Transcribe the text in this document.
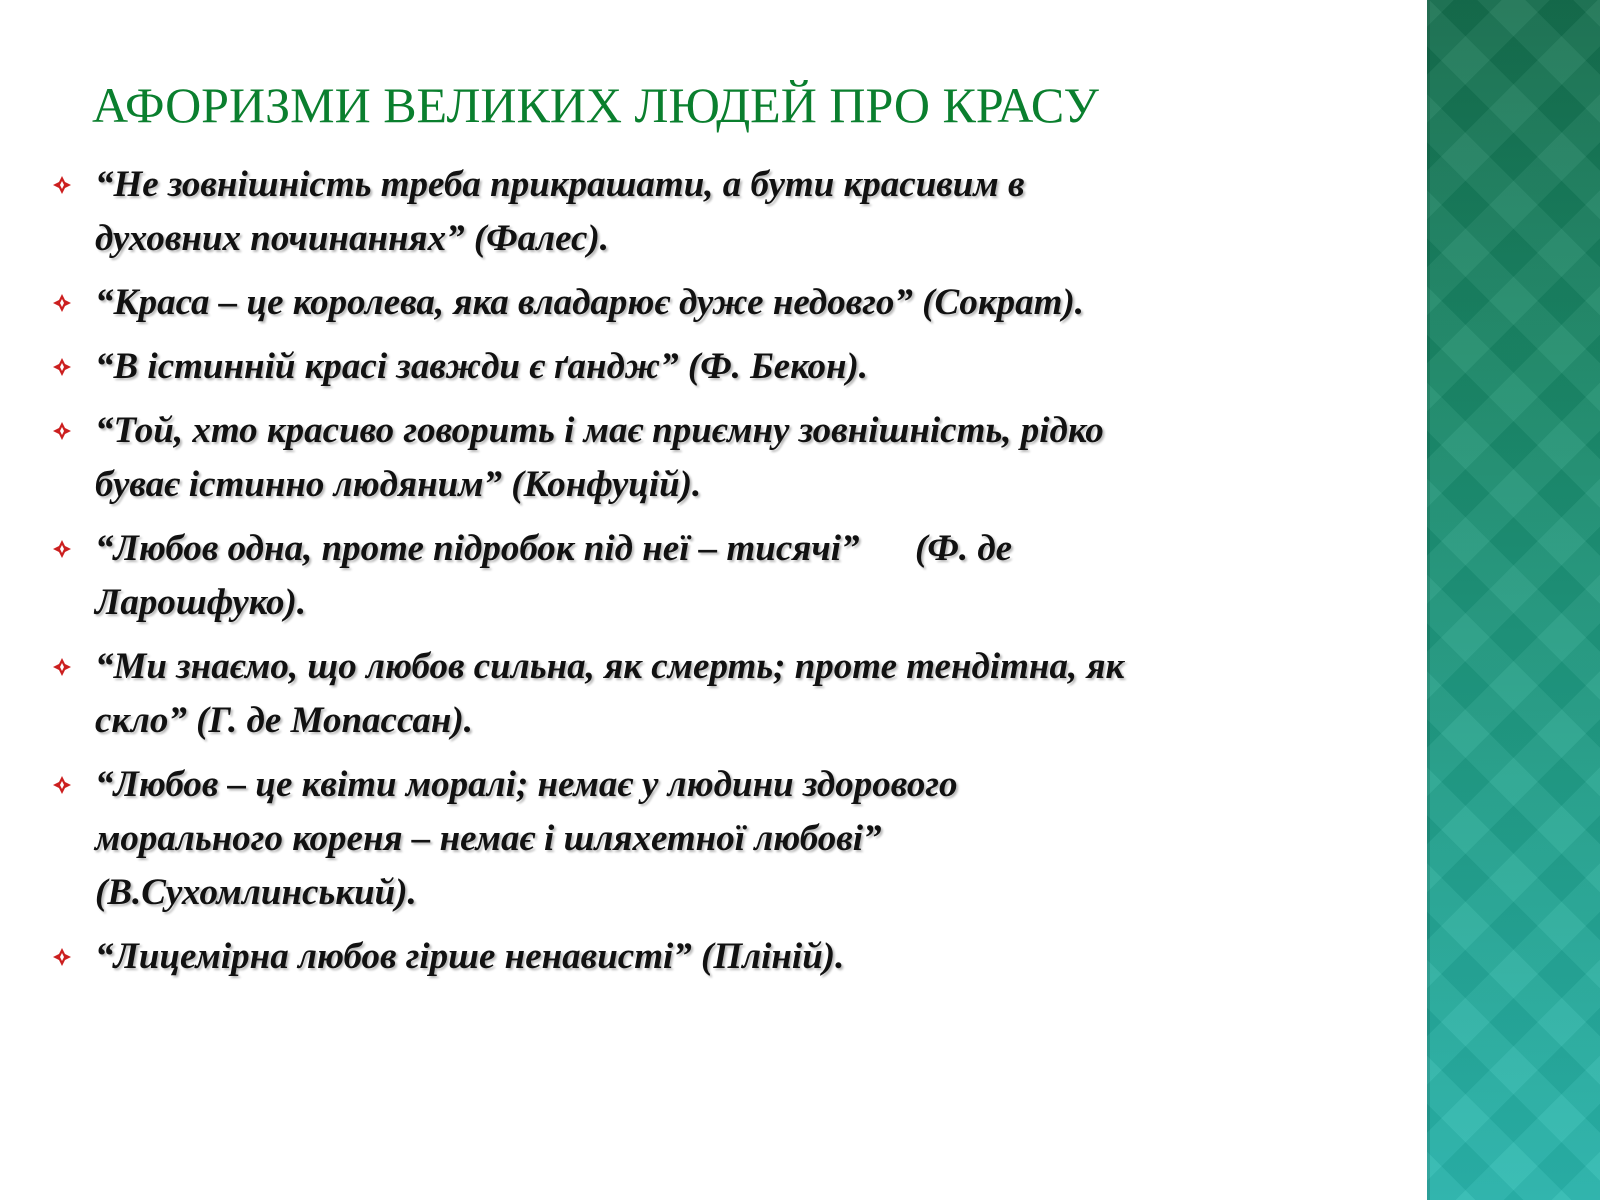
АФОРИЗМИ ВЕЛИКИХ ЛЮДЕЙ ПРО КРАСУ
“Не зовнішність треба прикрашати, а бути красивим в
духовних починаннях” (Фалес).
“Краса – це королева, яка владарює дуже недовго” (Сократ).
“В істинній красі завжди є ґандж” (Ф. Бекон).
“Той, хто красиво говорить і має приємну зовнішність, рідко
буває істинно людяним” (Конфуцій).
“Любов одна, проте підробок під неї – тисячі”      (Ф. де
Ларошфуко).
“Ми знаємо, що любов сильна, як смерть; проте тендітна, як
скло” (Г. де Мопассан).
“Любов – це квіти моралі; немає у людини здорового
морального кореня – немає і шляхетної любові”
(В.Сухомлинський).
“Лицемірна любов гірше ненависті” (Пліній).
